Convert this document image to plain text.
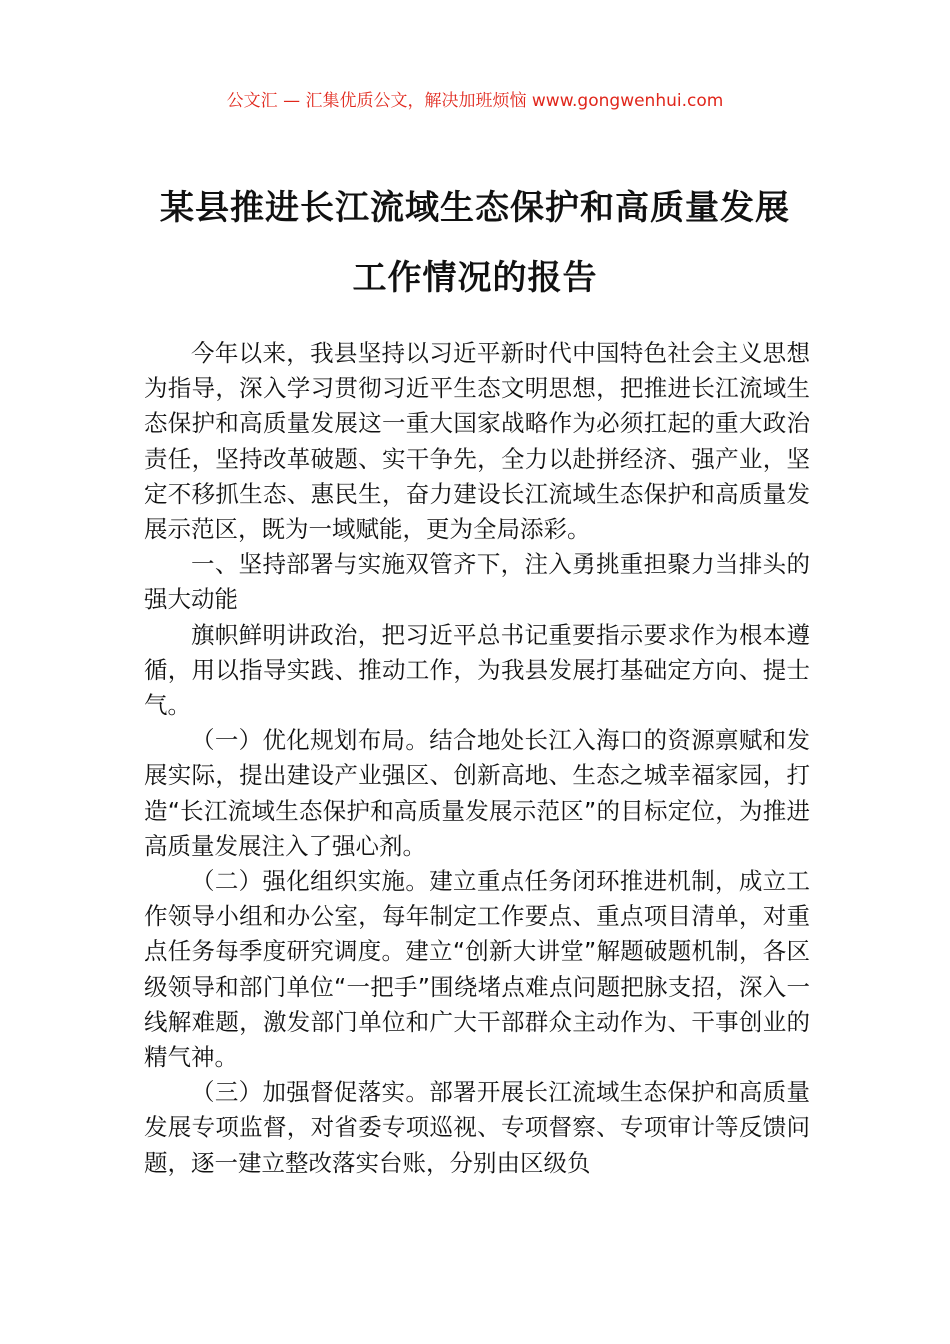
公文汇 — 汇集优质公文，解决加班烦恼 www.gongwenhui.com
某县推进长江流域生态保护和高质量发展
工作情况的报告

今年以来，我县坚持以习近平新时代中国特色社会主义思想为指导，深入学习贯彻习近平生态文明思想，把推进长江流域生态保护和高质量发展这一重大国家战略作为必须扛起的重大政治责任，坚持改革破题、实干争先，全力以赴拼经济、强产业，坚定不移抓生态、惠民生，奋力建设长江流域生态保护和高质量发展示范区，既为一域赋能，更为全局添彩。

一、坚持部署与实施双管齐下，注入勇挑重担聚力当排头的强大动能

旗帜鲜明讲政治，把习近平总书记重要指示要求作为根本遵循，用以指导实践、推动工作，为我县发展打基础定方向、提士气。

（一）优化规划布局。结合地处长江入海口的资源禀赋和发展实际，提出建设产业强区、创新高地、生态之城幸福家园，打造“长江流域生态保护和高质量发展示范区”的目标定位，为推进高质量发展注入了强心剂。

（二）强化组织实施。建立重点任务闭环推进机制，成立工作领导小组和办公室，每年制定工作要点、重点项目清单，对重点任务每季度研究调度。建立“创新大讲堂”解题破题机制，各区级领导和部门单位“一把手”围绕堵点难点问题把脉支招，深入一线解难题，激发部门单位和广大干部群众主动作为、干事创业的精气神。

（三）加强督促落实。部署开展长江流域生态保护和高质量发展专项监督，对省委专项巡视、专项督察、专项审计等反馈问题，逐一建立整改落实台账，分别由区级负
